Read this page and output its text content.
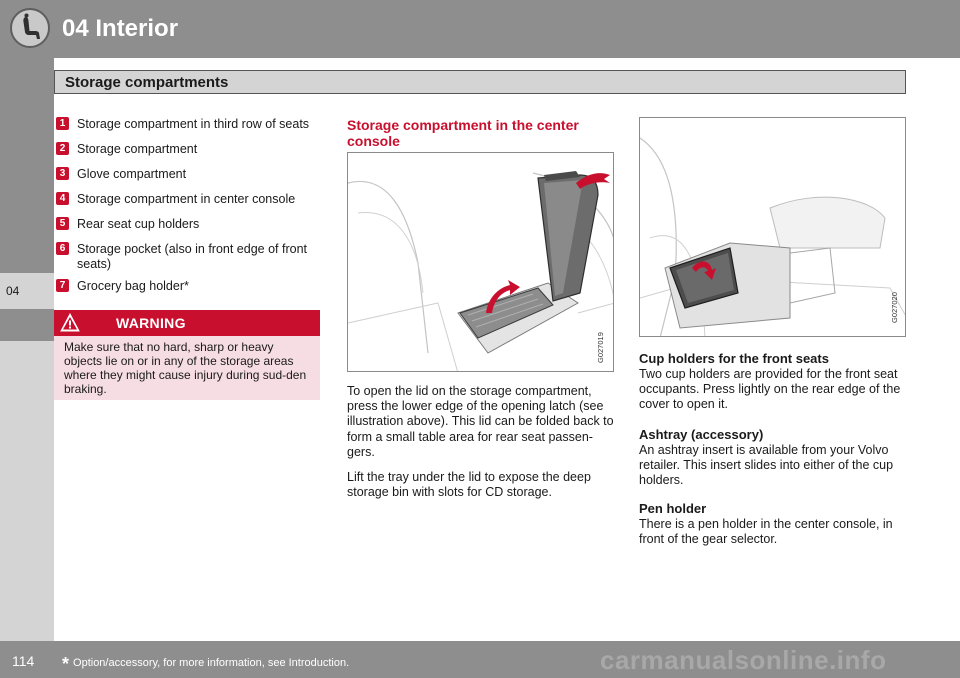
04 Interior
04
Storage compartments
1 Storage compartment in third row of seats
2 Storage compartment
3 Glove compartment
4 Storage compartment in center console
5 Rear seat cup holders
6 Storage pocket (also in front edge of front seats)
7 Grocery bag holder*
WARNING
Make sure that no hard, sharp or heavy objects lie on or in any of the storage areas where they might cause injury during sud-den braking.
Storage compartment in the center console
G027019
To open the lid on the storage compartment, press the lower edge of the opening latch (see illustration above). This lid can be folded back to form a small table area for rear seat passen-gers.
Lift the tray under the lid to expose the deep storage bin with slots for CD storage.
G027020
Cup holders for the front seats
Two cup holders are provided for the front seat occupants. Press lightly on the rear edge of the cover to open it.
Ashtray (accessory)
An ashtray insert is available from your Volvo retailer. This insert slides into either of the cup holders.
Pen holder
There is a pen holder in the center console, in front of the gear selector.
114 * Option/accessory, for more information, see Introduction.	carmanualsonline.info
